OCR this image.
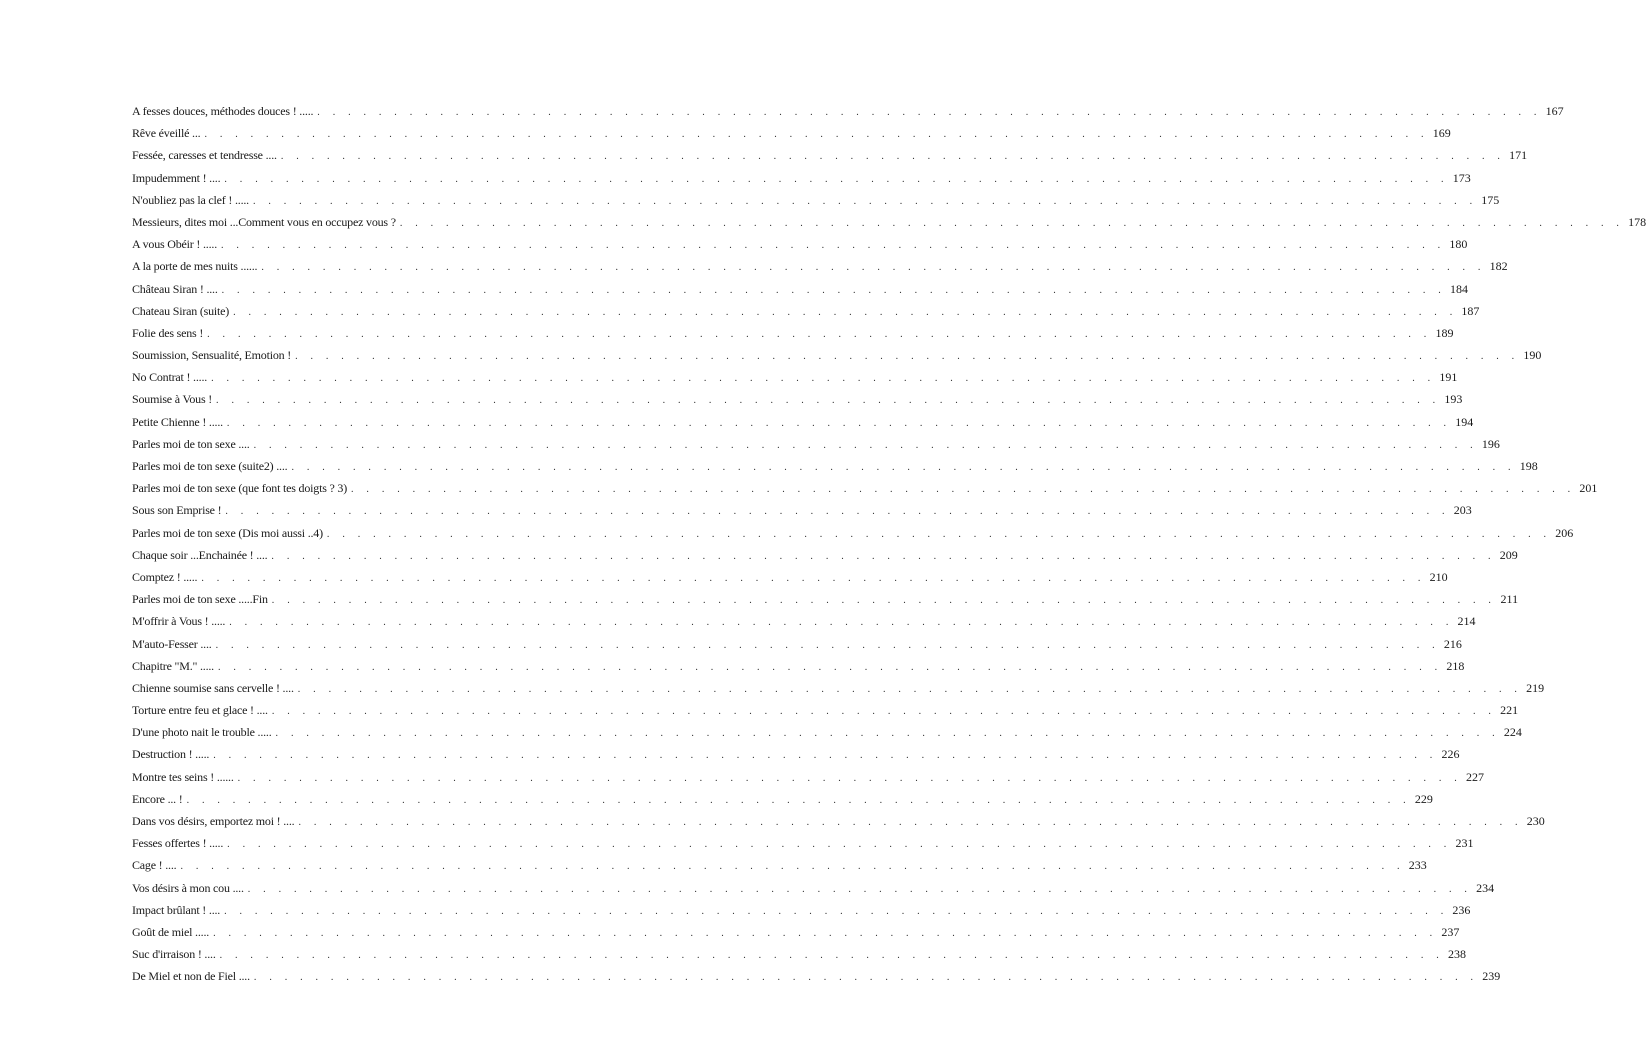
A fesses douces, méthodes douces ! ..... . . . . . . . . . . . . . . . . . . . . . . . . . . . . . . . . . . . . . . . . . . . . . . . . . . . . . . . . . . . . . . . . . . . . . . . . . . . . . . . . 167
Rêve éveillé ... . . . . . . . . . . . . . . . . . . . . . . . . . . . . . . . . . . . . . . . . . . . . . . . . . . . . . . . . . . . . . . . . . . . . . . . . . . . . . . . . 169
Fessée, caresses et tendresse .... . . . . . . . . . . . . . . . . . . . . . . . . . . . . . . . . . . . . . . . . . . . . . . . . . . . . . . . . . . . . . . . . . . . . . . . . . . . . . . . . 171
Impudemment ! .... . . . . . . . . . . . . . . . . . . . . . . . . . . . . . . . . . . . . . . . . . . . . . . . . . . . . . . . . . . . . . . . . . . . . . . . . . . . . . . . . 173
N'oubliez pas la clef ! ..... . . . . . . . . . . . . . . . . . . . . . . . . . . . . . . . . . . . . . . . . . . . . . . . . . . . . . . . . . . . . . . . . . . . . . . . . . . . . . . . . 175
Messieurs, dites moi ...Comment vous en occupez vous ? . . . . . . . . . . . . . . . . . . . . . . . . . . . . . . . . . . . . . . . . . . . . . . . . . . . . . . . . . . . . . . . . . . . . . . . . . . . . . . . . 178
A vous Obéir ! ..... . . . . . . . . . . . . . . . . . . . . . . . . . . . . . . . . . . . . . . . . . . . . . . . . . . . . . . . . . . . . . . . . . . . . . . . . . . . . . . . . 180
A la porte de mes nuits ...... . . . . . . . . . . . . . . . . . . . . . . . . . . . . . . . . . . . . . . . . . . . . . . . . . . . . . . . . . . . . . . . . . . . . . . . . . . . . . . . . 182
Château Siran ! .... . . . . . . . . . . . . . . . . . . . . . . . . . . . . . . . . . . . . . . . . . . . . . . . . . . . . . . . . . . . . . . . . . . . . . . . . . . . . . . . . 184
Chateau Siran (suite) . . . . . . . . . . . . . . . . . . . . . . . . . . . . . . . . . . . . . . . . . . . . . . . . . . . . . . . . . . . . . . . . . . . . . . . . . . . . . . . . 187
Folie des sens ! . . . . . . . . . . . . . . . . . . . . . . . . . . . . . . . . . . . . . . . . . . . . . . . . . . . . . . . . . . . . . . . . . . . . . . . . . . . . . . . . 189
Soumission, Sensualité, Emotion ! . . . . . . . . . . . . . . . . . . . . . . . . . . . . . . . . . . . . . . . . . . . . . . . . . . . . . . . . . . . . . . . . . . . . . . . . . . . . . . . . 190
No Contrat ! ..... . . . . . . . . . . . . . . . . . . . . . . . . . . . . . . . . . . . . . . . . . . . . . . . . . . . . . . . . . . . . . . . . . . . . . . . . . . . . . . . . 191
Soumise à Vous ! . . . . . . . . . . . . . . . . . . . . . . . . . . . . . . . . . . . . . . . . . . . . . . . . . . . . . . . . . . . . . . . . . . . . . . . . . . . . . . . . 193
Petite Chienne ! ..... . . . . . . . . . . . . . . . . . . . . . . . . . . . . . . . . . . . . . . . . . . . . . . . . . . . . . . . . . . . . . . . . . . . . . . . . . . . . . . . . 194
Parles moi de ton sexe .... . . . . . . . . . . . . . . . . . . . . . . . . . . . . . . . . . . . . . . . . . . . . . . . . . . . . . . . . . . . . . . . . . . . . . . . . . . . . . . . . 196
Parles moi de ton sexe (suite2) .... . . . . . . . . . . . . . . . . . . . . . . . . . . . . . . . . . . . . . . . . . . . . . . . . . . . . . . . . . . . . . . . . . . . . . . . . . . . . . . . . 198
Parles moi de ton sexe (que font tes doigts ? 3) . . . . . . . . . . . . . . . . . . . . . . . . . . . . . . . . . . . . . . . . . . . . . . . . . . . . . . . . . . . . . . . . . . . . . . . . . . . . . . . . 201
Sous son Emprise ! . . . . . . . . . . . . . . . . . . . . . . . . . . . . . . . . . . . . . . . . . . . . . . . . . . . . . . . . . . . . . . . . . . . . . . . . . . . . . . . . 203
Parles moi de ton sexe (Dis moi aussi ..4) . . . . . . . . . . . . . . . . . . . . . . . . . . . . . . . . . . . . . . . . . . . . . . . . . . . . . . . . . . . . . . . . . . . . . . . . . . . . . . . . 206
Chaque soir ...Enchainée ! .... . . . . . . . . . . . . . . . . . . . . . . . . . . . . . . . . . . . . . . . . . . . . . . . . . . . . . . . . . . . . . . . . . . . . . . . . . . . . . . . . 209
Comptez ! ..... . . . . . . . . . . . . . . . . . . . . . . . . . . . . . . . . . . . . . . . . . . . . . . . . . . . . . . . . . . . . . . . . . . . . . . . . . . . . . . . . 210
Parles moi de ton sexe .....Fin . . . . . . . . . . . . . . . . . . . . . . . . . . . . . . . . . . . . . . . . . . . . . . . . . . . . . . . . . . . . . . . . . . . . . . . . . . . . . . . . 211
M'offrir à Vous ! ..... . . . . . . . . . . . . . . . . . . . . . . . . . . . . . . . . . . . . . . . . . . . . . . . . . . . . . . . . . . . . . . . . . . . . . . . . . . . . . . . . 214
M'auto-Fesser .... . . . . . . . . . . . . . . . . . . . . . . . . . . . . . . . . . . . . . . . . . . . . . . . . . . . . . . . . . . . . . . . . . . . . . . . . . . . . . . . . 216
Chapitre "M." ..... . . . . . . . . . . . . . . . . . . . . . . . . . . . . . . . . . . . . . . . . . . . . . . . . . . . . . . . . . . . . . . . . . . . . . . . . . . . . . . . . 218
Chienne soumise sans cervelle ! .... . . . . . . . . . . . . . . . . . . . . . . . . . . . . . . . . . . . . . . . . . . . . . . . . . . . . . . . . . . . . . . . . . . . . . . . . . . . . . . . . 219
Torture entre feu et glace ! .... . . . . . . . . . . . . . . . . . . . . . . . . . . . . . . . . . . . . . . . . . . . . . . . . . . . . . . . . . . . . . . . . . . . . . . . . . . . . . . . . 221
D'une photo nait le trouble ..... . . . . . . . . . . . . . . . . . . . . . . . . . . . . . . . . . . . . . . . . . . . . . . . . . . . . . . . . . . . . . . . . . . . . . . . . . . . . . . . . 224
Destruction ! ..... . . . . . . . . . . . . . . . . . . . . . . . . . . . . . . . . . . . . . . . . . . . . . . . . . . . . . . . . . . . . . . . . . . . . . . . . . . . . . . . . 226
Montre tes seins ! ...... . . . . . . . . . . . . . . . . . . . . . . . . . . . . . . . . . . . . . . . . . . . . . . . . . . . . . . . . . . . . . . . . . . . . . . . . . . . . . . . . 227
Encore ... ! . . . . . . . . . . . . . . . . . . . . . . . . . . . . . . . . . . . . . . . . . . . . . . . . . . . . . . . . . . . . . . . . . . . . . . . . . . . . . . . . 229
Dans vos désirs, emportez moi ! .... . . . . . . . . . . . . . . . . . . . . . . . . . . . . . . . . . . . . . . . . . . . . . . . . . . . . . . . . . . . . . . . . . . . . . . . . . . . . . . . . 230
Fesses offertes ! ..... . . . . . . . . . . . . . . . . . . . . . . . . . . . . . . . . . . . . . . . . . . . . . . . . . . . . . . . . . . . . . . . . . . . . . . . . . . . . . . . . 231
Cage ! .... . . . . . . . . . . . . . . . . . . . . . . . . . . . . . . . . . . . . . . . . . . . . . . . . . . . . . . . . . . . . . . . . . . . . . . . . . . . . . . . . 233
Vos désirs à mon cou .... . . . . . . . . . . . . . . . . . . . . . . . . . . . . . . . . . . . . . . . . . . . . . . . . . . . . . . . . . . . . . . . . . . . . . . . . . . . . . . . . 234
Impact brûlant ! .... . . . . . . . . . . . . . . . . . . . . . . . . . . . . . . . . . . . . . . . . . . . . . . . . . . . . . . . . . . . . . . . . . . . . . . . . . . . . . . . . 236
Goût de miel ..... . . . . . . . . . . . . . . . . . . . . . . . . . . . . . . . . . . . . . . . . . . . . . . . . . . . . . . . . . . . . . . . . . . . . . . . . . . . . . . . . 237
Suc d'irraison ! .... . . . . . . . . . . . . . . . . . . . . . . . . . . . . . . . . . . . . . . . . . . . . . . . . . . . . . . . . . . . . . . . . . . . . . . . . . . . . . . . . 238
De Miel et non de Fiel .... . . . . . . . . . . . . . . . . . . . . . . . . . . . . . . . . . . . . . . . . . . . . . . . . . . . . . . . . . . . . . . . . . . . . . . . . . . . . . . . . 239
